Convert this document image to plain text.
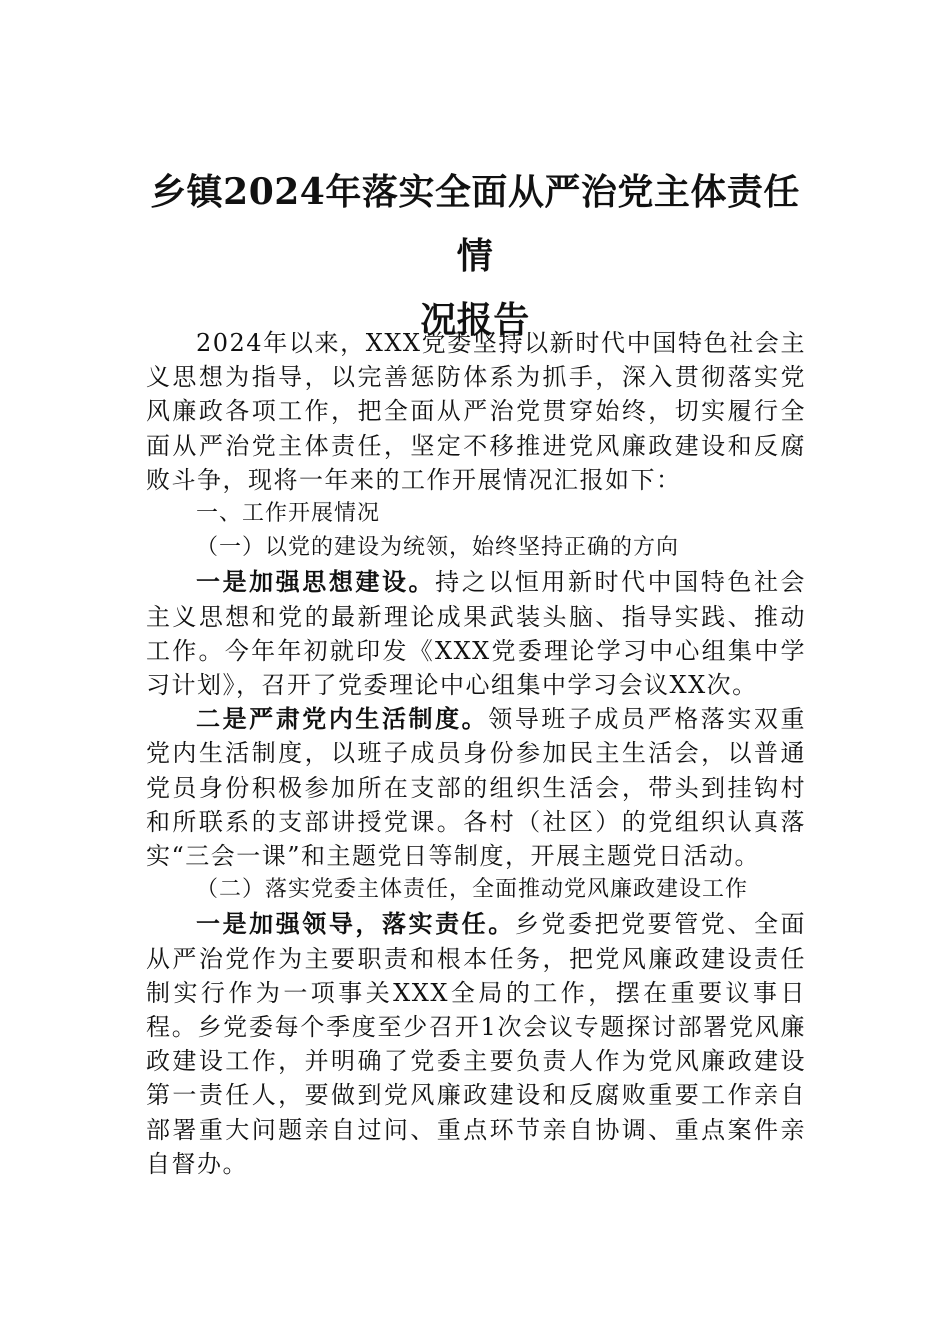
乡镇2024年落实全面从严治党主体责任情
况报告

2024年以来，XXX党委坚持以新时代中国特色社会主义思想为指导，以完善惩防体系为抓手，深入贯彻落实党风廉政各项工作，把全面从严治党贯穿始终，切实履行全面从严治党主体责任，坚定不移推进党风廉政建设和反腐败斗争，现将一年来的工作开展情况汇报如下：

一、工作开展情况

（一）以党的建设为统领，始终坚持正确的方向

一是加强思想建设。持之以恒用新时代中国特色社会主义思想和党的最新理论成果武装头脑、指导实践、推动工作。今年年初就印发《XXX党委理论学习中心组集中学习计划》，召开了党委理论中心组集中学习会议XX次。

二是严肃党内生活制度。领导班子成员严格落实双重党内生活制度，以班子成员身份参加民主生活会，以普通党员身份积极参加所在支部的组织生活会，带头到挂钩村和所联系的支部讲授党课。各村（社区）的党组织认真落实“三会一课”和主题党日等制度，开展主题党日活动。

（二）落实党委主体责任，全面推动党风廉政建设工作

一是加强领导，落实责任。乡党委把党要管党、全面从严治党作为主要职责和根本任务，把党风廉政建设责任制实行作为一项事关XXX全局的工作，摆在重要议事日程。乡党委每个季度至少召开1次会议专题探讨部署党风廉政建设工作，并明确了党委主要负责人作为党风廉政建设第一责任人，要做到党风廉政建设和反腐败重要工作亲自部署重大问题亲自过问、重点环节亲自协调、重点案件亲自督办。
